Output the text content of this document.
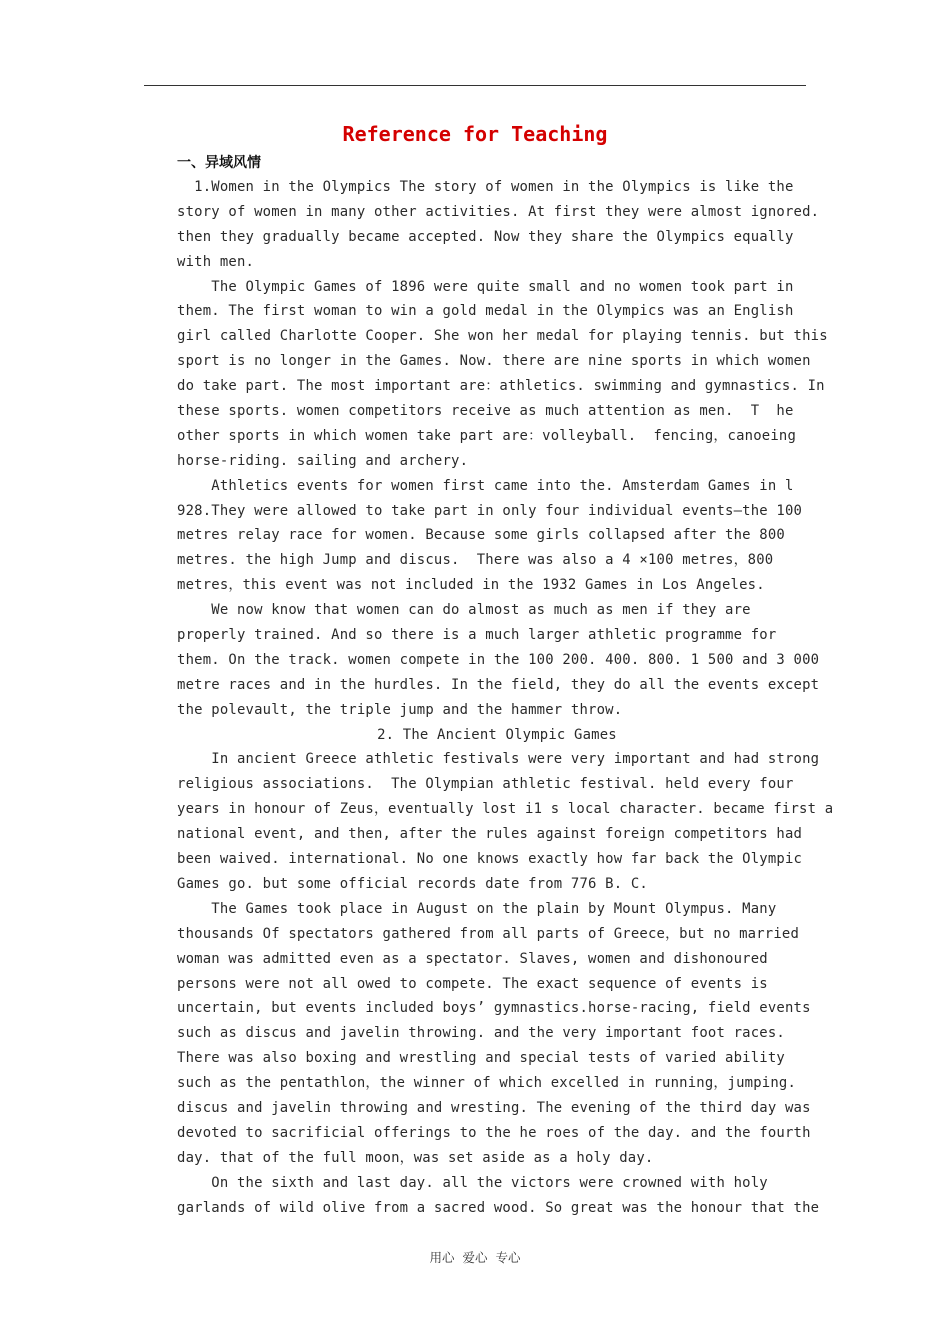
Reference for Teaching
一、异域风情
1.Women in the Olympics The story of women in the Olympics is like the
story of women in many other activities. At first they were almost ignored.
then they gradually became accepted. Now they share the Olympics equally
with men.
The Olympic Games of 1896 were quite small and no women took part in
them. The first woman to win a gold medal in the Olympics was an English
girl called Charlotte Cooper. She won her medal for playing tennis. but this
sport is no longer in the Games. Now. there are nine sports in which women
do take part. The most important are：athletics. swimming and gymnastics. In
these sports. women competitors receive as much attention as men.  T  he
other sports in which women take part are：volleyball.  fencing，canoeing
horse-riding. sailing and archery.
Athletics events for women first came into the. Amsterdam Games in l
928.They were allowed to take part in only four individual events—the 100
metres relay race for women. Because some girls collapsed after the 800
metres. the high Jump and discus.  There was also a 4 ×100 metres，800
metres，this event was not included in the 1932 Games in Los Angeles.
We now know that women can do almost as much as men if they are
properly trained. And so there is a much larger athletic programme for
them. On the track. women compete in the 100 200. 400. 800. 1 500 and 3 000
metre races and in the hurdles. In the field, they do all the events except
the polevault, the triple jump and the hammer throw.
2. The Ancient Olympic Games
In ancient Greece athletic festivals were very important and had strong
religious associations.  The Olympian athletic festival. held every four
years in honour of Zeus，eventually lost i1 s local character. became first a
national event, and then, after the rules against foreign competitors had
been waived. international. No one knows exactly how far back the Olympic
Games go. but some official records date from 776 B. C.
The Games took place in August on the plain by Mount Olympus. Many
thousands Of spectators gathered from all parts of Greece，but no married
woman was admitted even as a spectator. Slaves, women and dishonoured
persons were not all owed to compete. The exact sequence of events is
uncertain, but events included boys’ gymnastics.horse-racing, field events
such as discus and javelin throwing. and the very important foot races.
There was also boxing and wrestling and special tests of varied ability
such as the pentathlon，the winner of which excelled in running，jumping.
discus and javelin throwing and wresting. The evening of the third day was
devoted to sacrificial offerings to the he roes of the day. and the fourth
day. that of the full moon，was set aside as a holy day.
On the sixth and last day. all the victors were crowned with holy
garlands of wild olive from a sacred wood. So great was the honour that the
用心 爱心 专心
